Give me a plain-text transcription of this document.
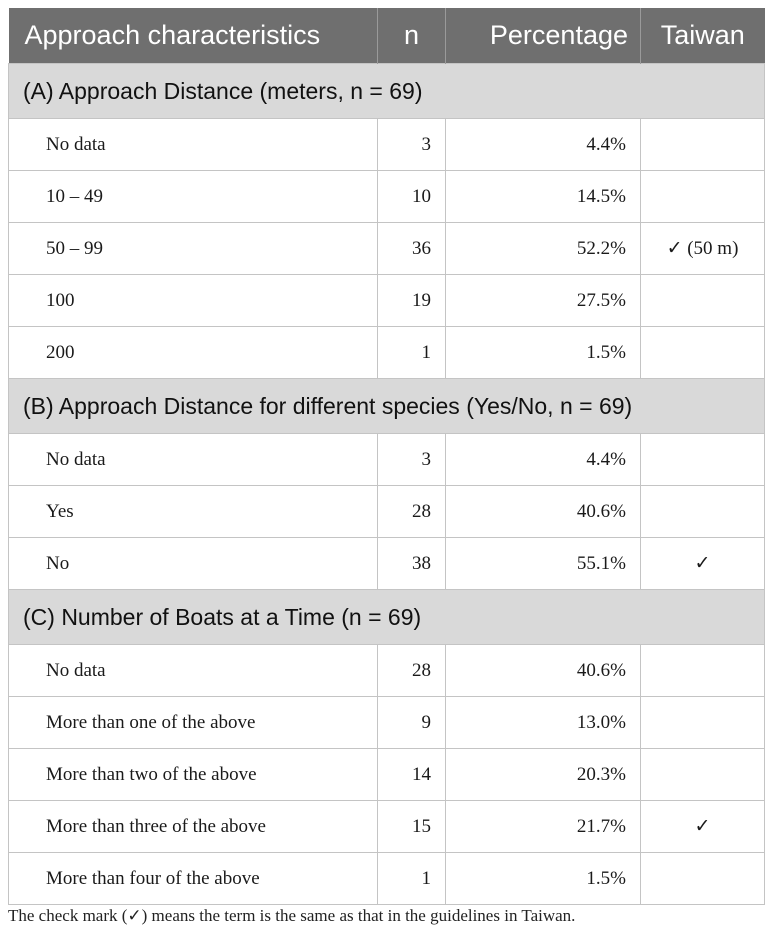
Approach characteristics	n	Percentage	Taiwan
(A) Approach Distance (meters, n = 69)			
No data	3	4.4%	
10 – 49	10	14.5%	
50 – 99	36	52.2%	✓ (50 m)
100	19	27.5%	
200	1	1.5%	
(B) Approach Distance for different species (Yes/No, n = 69)			
No data	3	4.4%	
Yes	28	40.6%	
No	38	55.1%	✓
(C) Number of Boats at a Time (n = 69)			
No data	28	40.6%	
More than one of the above	9	13.0%	
More than two of the above	14	20.3%	
More than three of the above	15	21.7%	✓
More than four of the above	1	1.5%	
The check mark (✓) means the term is the same as that in the guidelines in Taiwan.
